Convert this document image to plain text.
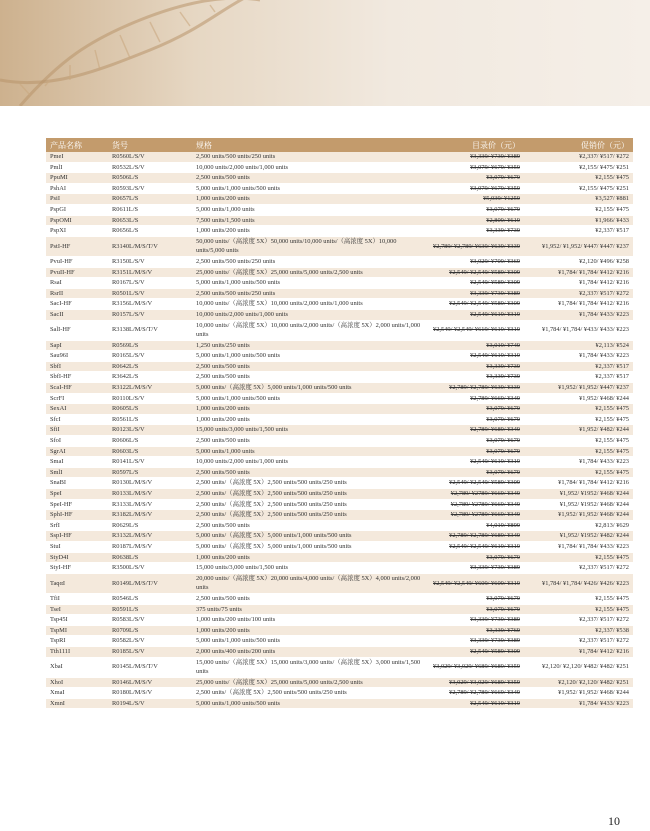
产品名称	货号	规格	目录价（元）	促销价（元）
PmeI	R0560L/S/V	2,500 units/500 units/250 units	¥3,339/ ¥739/ ¥389	¥2,337/ ¥517/ ¥272
PmlI	R0532L/S/V	10,000 units/2,000 units/1,000 units	¥3,079/ ¥679/ ¥359	¥2,155/ ¥475/ ¥251
PpuMI	R0506L/S	2,500 units/500 units	¥3,079/ ¥679	¥2,155/ ¥475
PshAI	R0593L/S/V	5,000 units/1,000 units/500 units	¥3,079/ ¥679/ ¥359	¥2,155/ ¥475/ ¥251
PsiI	R0657L/S	1,000 units/200 units	¥5,039/ ¥1259	¥3,527/ ¥881
PspGI	R0611L/S	5,000 units/1,000 units	¥3,079/ ¥679	¥2,155/ ¥475
PspOMI	R0653L/S	7,500 units/1,500 units	¥2,809/ ¥619	¥1,966/ ¥433
PspXI	R0656L/S	1,000 units/200 units	¥3,339/ ¥739	¥2,337/ ¥517
PstI-HF	R3140L/M/S/T/V	50,000 units/（高浓度 5X）50,000 units/10,000 units/（高浓度 5X）10,000 units/5,000 units	¥2,789/ ¥2,789/ ¥639/ ¥639/ ¥339	¥1,952/ ¥1,952/ ¥447/ ¥447/ ¥237
PvuI-HF	R3150L/S/V	2,500 units/500 units/250 units	¥3,029/ ¥709/ ¥369	¥2,120/ ¥496/ ¥258
PvuII-HF	R3151L/M/S/V	25,000 units/（高浓度 5X）25,000 units/5,000 units/2,500 units	¥2,549/ ¥2,549/ ¥589/ ¥309	¥1,784/ ¥1,784/ ¥412/ ¥216
RsaI	R0167L/S/V	5,000 units/1,000 units/500 units	¥2,549/ ¥589/ ¥309	¥1,784/ ¥412/ ¥216
RsrII	R0501L/S/V	2,500 units/500 units/250 units	¥3,339/ ¥739/ ¥389	¥2,337/ ¥517/ ¥272
SacI-HF	R3156L/M/S/V	10,000 units/（高浓度 5X）10,000 units/2,000 units/1,000 units	¥2,549/ ¥2,549/ ¥589/ ¥309	¥1,784/ ¥1,784/ ¥412/ ¥216
SacII	R0157L/S/V	10,000 units/2,000 units/1,000 units	¥2,549/ ¥619/ ¥319	¥1,784/ ¥433/ ¥223
SalI-HF	R3138L/M/S/T/V	10,000 units/（高浓度 5X）10,000 units/2,000 units/（高浓度 5X）2,000 units/1,000 units	¥2,549/ ¥2,549/ ¥619/ ¥619/ ¥319	¥1,784/ ¥1,784/ ¥433/ ¥433/ ¥223
SapI	R0569L/S	1,250 units/250 units	¥3,019/ ¥749	¥2,113/ ¥524
Sau96I	R0165L/S/V	5,000 units/1,000 units/500 units	¥2,549/ ¥619/ ¥319	¥1,784/ ¥433/ ¥223
SbfI	R0642L/S	2,500 units/500 units	¥3,339/ ¥739	¥2,337/ ¥517
SbfI-HF	R3642L/S	2,500 units/500 units	¥3,339/ ¥739	¥2,337/ ¥517
ScaI-HF	R3122L/M/S/V	5,000 units/（高浓度 5X）5,000 units/1,000 units/500 units	¥2,789/ ¥2,789/ ¥639/ ¥339	¥1,952/ ¥1,952/ ¥447/ ¥237
ScrFI	R0110L/S/V	5,000 units/1,000 units/500 units	¥2,789/ ¥669/ ¥349	¥1,952/ ¥468/ ¥244
SexAI	R0605L/S	1,000 units/200 units	¥3,079/ ¥679	¥2,155/ ¥475
SfcI	R0561L/S	1,000 units/200 units	¥3,079/ ¥679	¥2,155/ ¥475
SfiI	R0123L/S/V	15,000 units/3,000 units/1,500 units	¥2,789/ ¥689/ ¥349	¥1,952/ ¥482/ ¥244
SfoI	R0606L/S	2,500 units/500 units	¥3,079/ ¥679	¥2,155/ ¥475
SgrAI	R0603L/S	5,000 units/1,000 units	¥3,079/ ¥679	¥2,155/ ¥475
SmaI	R0141L/S/V	10,000 units/2,000 units/1,000 units	¥2,549/ ¥619/ ¥319	¥1,784/ ¥433/ ¥223
SmlI	R0597L/S	2,500 units/500 units	¥3,079/ ¥679	¥2,155/ ¥475
SnaBI	R0130L/M/S/V	2,500 units/（高浓度 5X）2,500 units/500 units/250 units	¥2,549/ ¥2,549/ ¥589/ ¥309	¥1,784/ ¥1,784/ ¥412/ ¥216
SpeI	R0133L/M/S/V	2,500 units/（高浓度 5X）2,500 units/500 units/250 units	¥2,789/ ¥2789/ ¥669/ ¥349	¥1,952/ ¥1952/ ¥468/ ¥244
SpeI-HF	R3133L/M/S/V	2,500 units/（高浓度 5X）2,500 units/500 units/250 units	¥2,789/ ¥2789/ ¥669/ ¥349	¥1,952/ ¥1952/ ¥468/ ¥244
SphI-HF	R3182L/M/S/V	2,500 units/（高浓度 5X）2,500 units/500 units/250 units	¥2,789/ ¥2789/ ¥669/ ¥349	¥1,952/ ¥1,952/ ¥468/ ¥244
SrfI	R0629L/S	2,500 units/500 units	¥4,019/ ¥899	¥2,813/ ¥629
SspI-HF	R3132L/M/S/V	5,000 units/（高浓度 5X）5,000 units/1,000 units/500 units	¥2,789/ ¥2,789/ ¥689/ ¥349	¥1,952/ ¥1952/ ¥482/ ¥244
StuI	R0187L/M/S/V	5,000 units/（高浓度 5X）5,000 units/1,000 units/500 units	¥2,549/ ¥2,549/ ¥619/ ¥319	¥1,784/ ¥1,784/ ¥433/ ¥223
StyD4I	R0638L/S	1,000 units/200 units	¥3,079/ ¥679	¥2,155/ ¥475
StyI-HF	R3500L/S/V	15,000 units/3,000 units/1,500 units	¥3,339/ ¥739/ ¥389	¥2,337/ ¥517/ ¥272
TaqαI	R0149L/M/S/T/V	20,000 units/（高浓度 5X）20,000 units/4,000 units/（高浓度 5X）4,000 units/2,000 units	¥2,549/ ¥2,549/ ¥609/ ¥609/ ¥319	¥1,784/ ¥1,784/ ¥426/ ¥426/ ¥223
TfiI	R0546L/S	2,500 units/500 units	¥3,079/ ¥679	¥2,155/ ¥475
TseI	R0591L/S	375 units/75 units	¥3,079/ ¥679	¥2,155/ ¥475
Tsp45I	R0583L/S/V	1,000 units/200 units/100 units	¥3,339/ ¥739/ ¥389	¥2,337/ ¥517/ ¥272
TspMI	R0709L/S	1,000 units/200 units	¥3,339/ ¥769	¥2,337/ ¥538
TspRI	R0582L/S/V	5,000 units/1,000 units/500 units	¥3,339/ ¥739/ ¥389	¥2,337/ ¥517/ ¥272
Tth111I	R0185L/S/V	2,000 units/400 units/200 units	¥2,549/ ¥589/ ¥309	¥1,784/ ¥412/ ¥216
XbaI	R0145L/M/S/T/V	15,000 units/（高浓度 5X）15,000 units/3,000 units/（高浓度 5X）3,000 units/1,500 units	¥3,029/ ¥3,029/ ¥689/ ¥689/ ¥359	¥2,120/ ¥2,120/ ¥482/ ¥482/ ¥251
XhoI	R0146L/M/S/V	25,000 units/（高浓度 5X）25,000 units/5,000 units/2,500 units	¥3,029/ ¥3,029/ ¥689/ ¥359	¥2,120/ ¥2,120/ ¥482/ ¥251
XmaI	R0180L/M/S/V	2,500 units/（高浓度 5X）2,500 units/500 units/250 units	¥2,789/ ¥2,789/ ¥669/ ¥349	¥1,952/ ¥1,952/ ¥468/ ¥244
XmnI	R0194L/S/V	5,000 units/1,000 units/500 units	¥2,549/ ¥619/ ¥319	¥1,784/ ¥433/ ¥223
10
